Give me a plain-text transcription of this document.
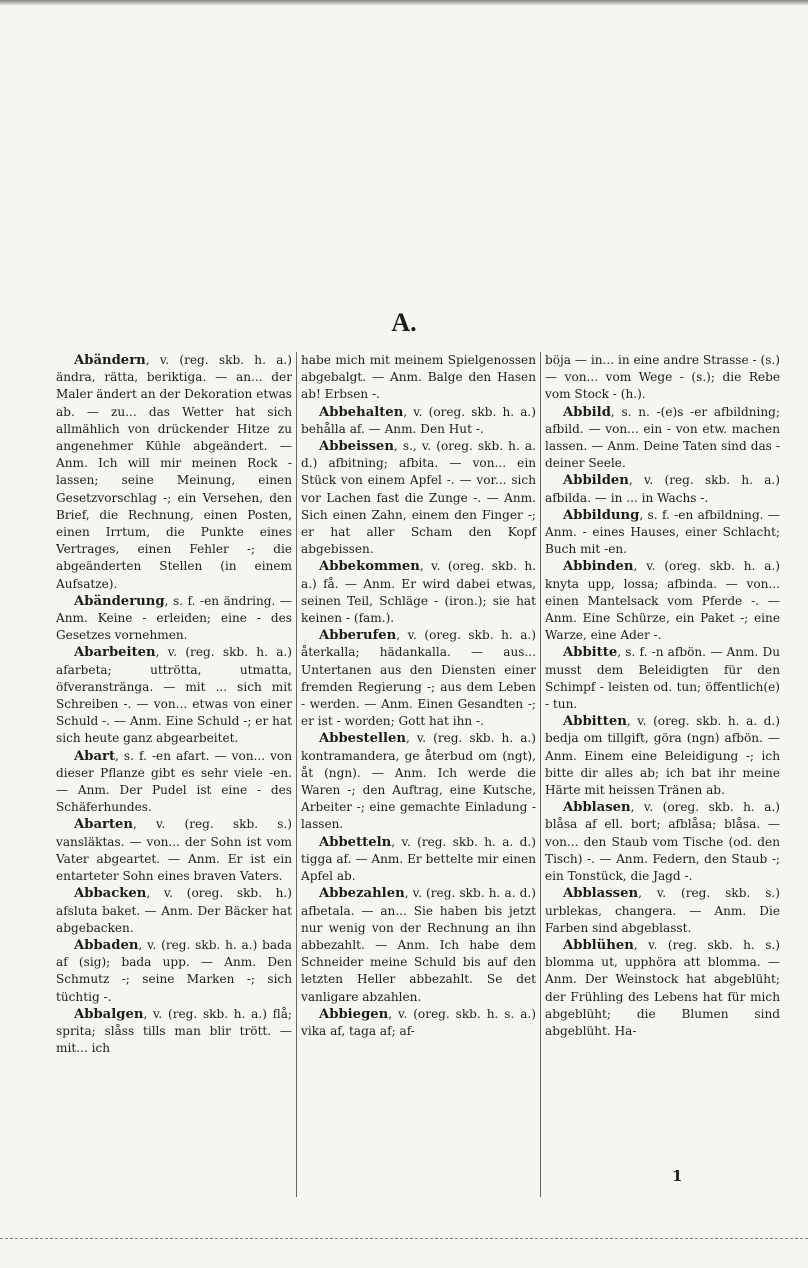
A.

Abändern, v. (reg. skb. h. a.) ändra, rätta, beriktiga. — an... der Maler ändert an der Dekoration etwas ab. — zu... das Wetter hat sich allmählich von drückender Hitze zu angenehmer Kühle abgeändert. — Anm. Ich will mir meinen Rock - lassen; seine Meinung, einen Gesetzvorschlag -; ein Versehen, den Brief, die Rechnung, einen Posten, einen Irrtum, die Punkte eines Vertrages, einen Fehler -; die abgeänderten Stellen (in einem Aufsatze).

Abänderung, s. f. -en ändring. — Anm. Keine - erleiden; eine - des Gesetzes vornehmen.

Abarbeiten, v. (reg. skb. h. a.) afarbeta; uttrötta, utmatta, öfveransträngа. — mit ... sich mit Schreiben -. — von... etwas von einer Schuld -. — Anm. Eine Schuld -; er hat sich heute ganz abgearbeitet.

Abart, s. f. -en afart. — von... von dieser Pflanze gibt es sehr viele -en. — Anm. Der Pudel ist eine - des Schäferhundes.

Abarten, v. (reg. skb. s.) vansläktas. — von... der Sohn ist vom Vater abgeartet. — Anm. Er ist ein entarteter Sohn eines braven Vaters.

Abbacken, v. (oreg. skb. h.) afsluta baket. — Anm. Der Bäcker hat abgebacken.

Abbaden, v. (reg. skb. h. a.) bada af (sig); bada upp. — Anm. Den Schmutz -; seine Marken -; sich tüchtig -.

Abbalgen, v. (reg. skb. h. a.) flå; sprita; slåss tills man blir trött. — mit... ich

habe mich mit meinem Spielgenossen abgebalgt. — Anm. Balge den Hasen ab! Erbsen -.

Abbehalten, v. (oreg. skb. h. a.) behålla af. — Anm. Den Hut -.

Abbeissen, s., v. (oreg. skb. h. a. d.) afbitning; afbita. — von... ein Stück von einem Apfel -. — vor... sich vor Lachen fast die Zunge -. — Anm. Sich einen Zahn, einem den Finger -; er hat aller Scham den Kopf abgebissen.

Abbekommen, v. (oreg. skb. h. a.) få. — Anm. Er wird dabei etwas, seinen Teil, Schläge - (iron.); sie hat keinen - (fam.).

Abberufen, v. (oreg. skb. h. a.) återkalla; hädankalla. — aus... Untertanen aus den Diensten einer fremden Regierung -; aus dem Leben - werden. — Anm. Einen Gesandten -; er ist - worden; Gott hat ihn -.

Abbestellen, v. (reg. skb. h. a.) kontramandera, ge återbud om (ngt), åt (ngn). — Anm. Ich werde die Waren -; den Auftrag, eine Kutsche, Arbeiter -; eine gemachte Einladung - lassen.

Abbetteln, v. (reg. skb. h. a. d.) tigga af. — Anm. Er bettelte mir einen Apfel ab.

Abbezahlen, v. (reg. skb. h. a. d.) afbetala. — an... Sie haben bis jetzt nur wenig von der Rechnung an ihn abbezahlt. — Anm. Ich habe dem Schneider meine Schuld bis auf den letzten Heller abbezahlt. Se det vanligare abzahlen.

Abbiegen, v. (oreg. skb. h. s. a.) vika af, taga af; af-

böja — in... in eine andre Strasse - (s.) — von... vom Wege - (s.); die Rebe vom Stock - (h.).

Abbild, s. n. -(e)s -er afbildning; afbild. — von... ein - von etw. machen lassen. — Anm. Deine Taten sind das - deiner Seele.

Abbilden, v. (reg. skb. h. a.) afbilda. — in ... in Wachs -.

Abbildung, s. f. -en afbildning. — Anm. - eines Hauses, einer Schlacht; Buch mit -en.

Abbinden, v. (oreg. skb. h. a.) knyta upp, lossa; afbinda. — von... einen Mantelsack vom Pferde -. — Anm. Eine Schürze, ein Paket -; eine Warze, eine Ader -.

Abbitte, s. f. -n afbön. — Anm. Du musst dem Beleidigten für den Schimpf - leisten od. tun; öffentlich(e) - tun.

Abbitten, v. (oreg. skb. h. a. d.) bedja om tillgift, göra (ngn) afbön. — Anm. Einem eine Beleidigung -; ich bitte dir alles ab; ich bat ihr meine Härte mit heissen Tränen ab.

Abblasen, v. (oreg. skb. h. a.) blåsa af ell. bort; afblåsa; blåsa. — von... den Staub vom Tische (od. den Tisch) -. — Anm. Federn, den Staub -; ein Tonstück, die Jagd -.

Abblassen, v. (reg. skb. s.) urblekas, changera. — Anm. Die Farben sind abgeblasst.

Abblühen, v. (reg. skb. h. s.) blomma ut, upphöra att blomma. — Anm. Der Weinstock hat abgeblüht; der Frühling des Lebens hat für mich abgeblüht; die Blumen sind abgeblüht. Ha-

1
